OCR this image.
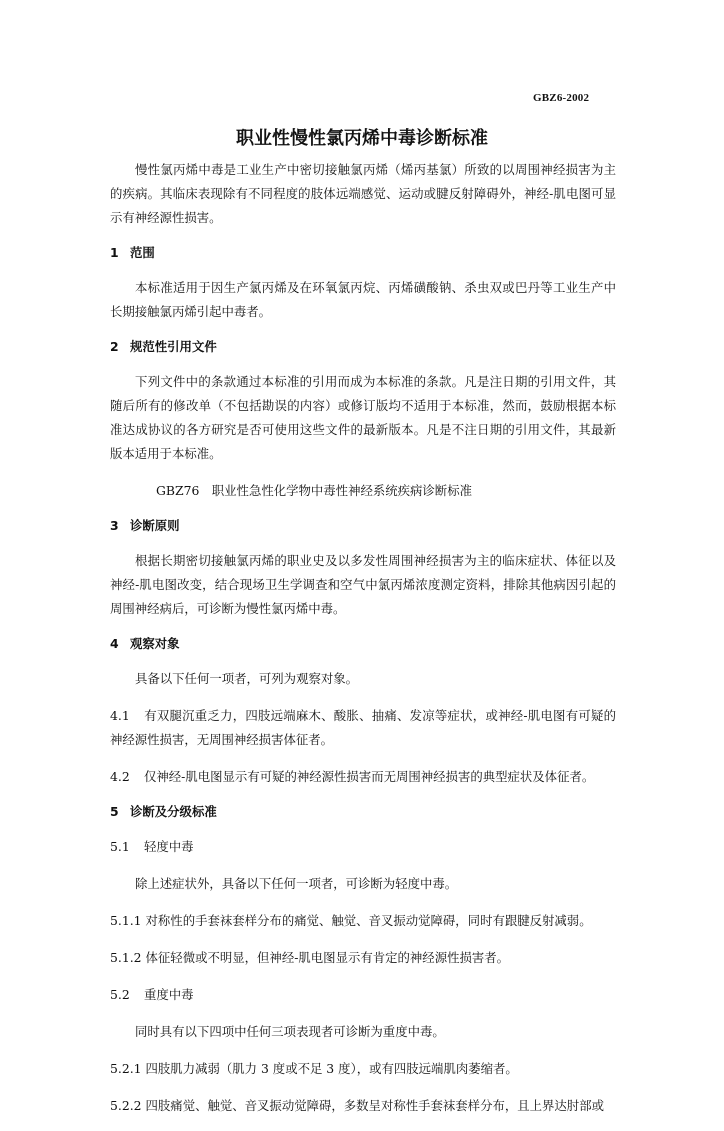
GBZ6-2002
职业性慢性氯丙烯中毒诊断标准

慢性氯丙烯中毒是工业生产中密切接触氯丙烯（烯丙基氯）所致的以周围神经损害为主的疾病。其临床表现除有不同程度的肢体远端感觉、运动或腱反射障碍外，神经-肌电图可显示有神经源性损害。

1 范围

本标准适用于因生产氯丙烯及在环氧氯丙烷、丙烯磺酸钠、杀虫双或巴丹等工业生产中长期接触氯丙烯引起中毒者。

2 规范性引用文件

下列文件中的条款通过本标准的引用而成为本标准的条款。凡是注日期的引用文件，其随后所有的修改单（不包括勘误的内容）或修订版均不适用于本标准，然而，鼓励根据本标准达成协议的各方研究是否可使用这些文件的最新版本。凡是不注日期的引用文件，其最新版本适用于本标准。

GBZ76　职业性急性化学物中毒性神经系统疾病诊断标准

3 诊断原则

根据长期密切接触氯丙烯的职业史及以多发性周围神经损害为主的临床症状、体征以及神经-肌电图改变，结合现场卫生学调查和空气中氯丙烯浓度测定资料，排除其他病因引起的周围神经病后，可诊断为慢性氯丙烯中毒。

4 观察对象

具备以下任何一项者，可列为观察对象。

4.1 有双腿沉重乏力，四肢远端麻木、酸胀、抽痛、发凉等症状，或神经-肌电图有可疑的神经源性损害，无周围神经损害体征者。

4.2 仅神经-肌电图显示有可疑的神经源性损害而无周围神经损害的典型症状及体征者。

5 诊断及分级标准

5.1 轻度中毒

除上述症状外，具备以下任何一项者，可诊断为轻度中毒。

5.1.1 对称性的手套袜套样分布的痛觉、触觉、音叉振动觉障碍，同时有跟腱反射减弱。

5.1.2 体征轻微或不明显，但神经-肌电图显示有肯定的神经源性损害者。

5.2 重度中毒

同时具有以下四项中任何三项表现者可诊断为重度中毒。

5.2.1 四肢肌力减弱（肌力 3 度或不足 3 度），或有四肢远端肌肉萎缩者。

5.2.2 四肢痛觉、触觉、音叉振动觉障碍，多数呈对称性手套袜套样分布，且上界达肘部或
